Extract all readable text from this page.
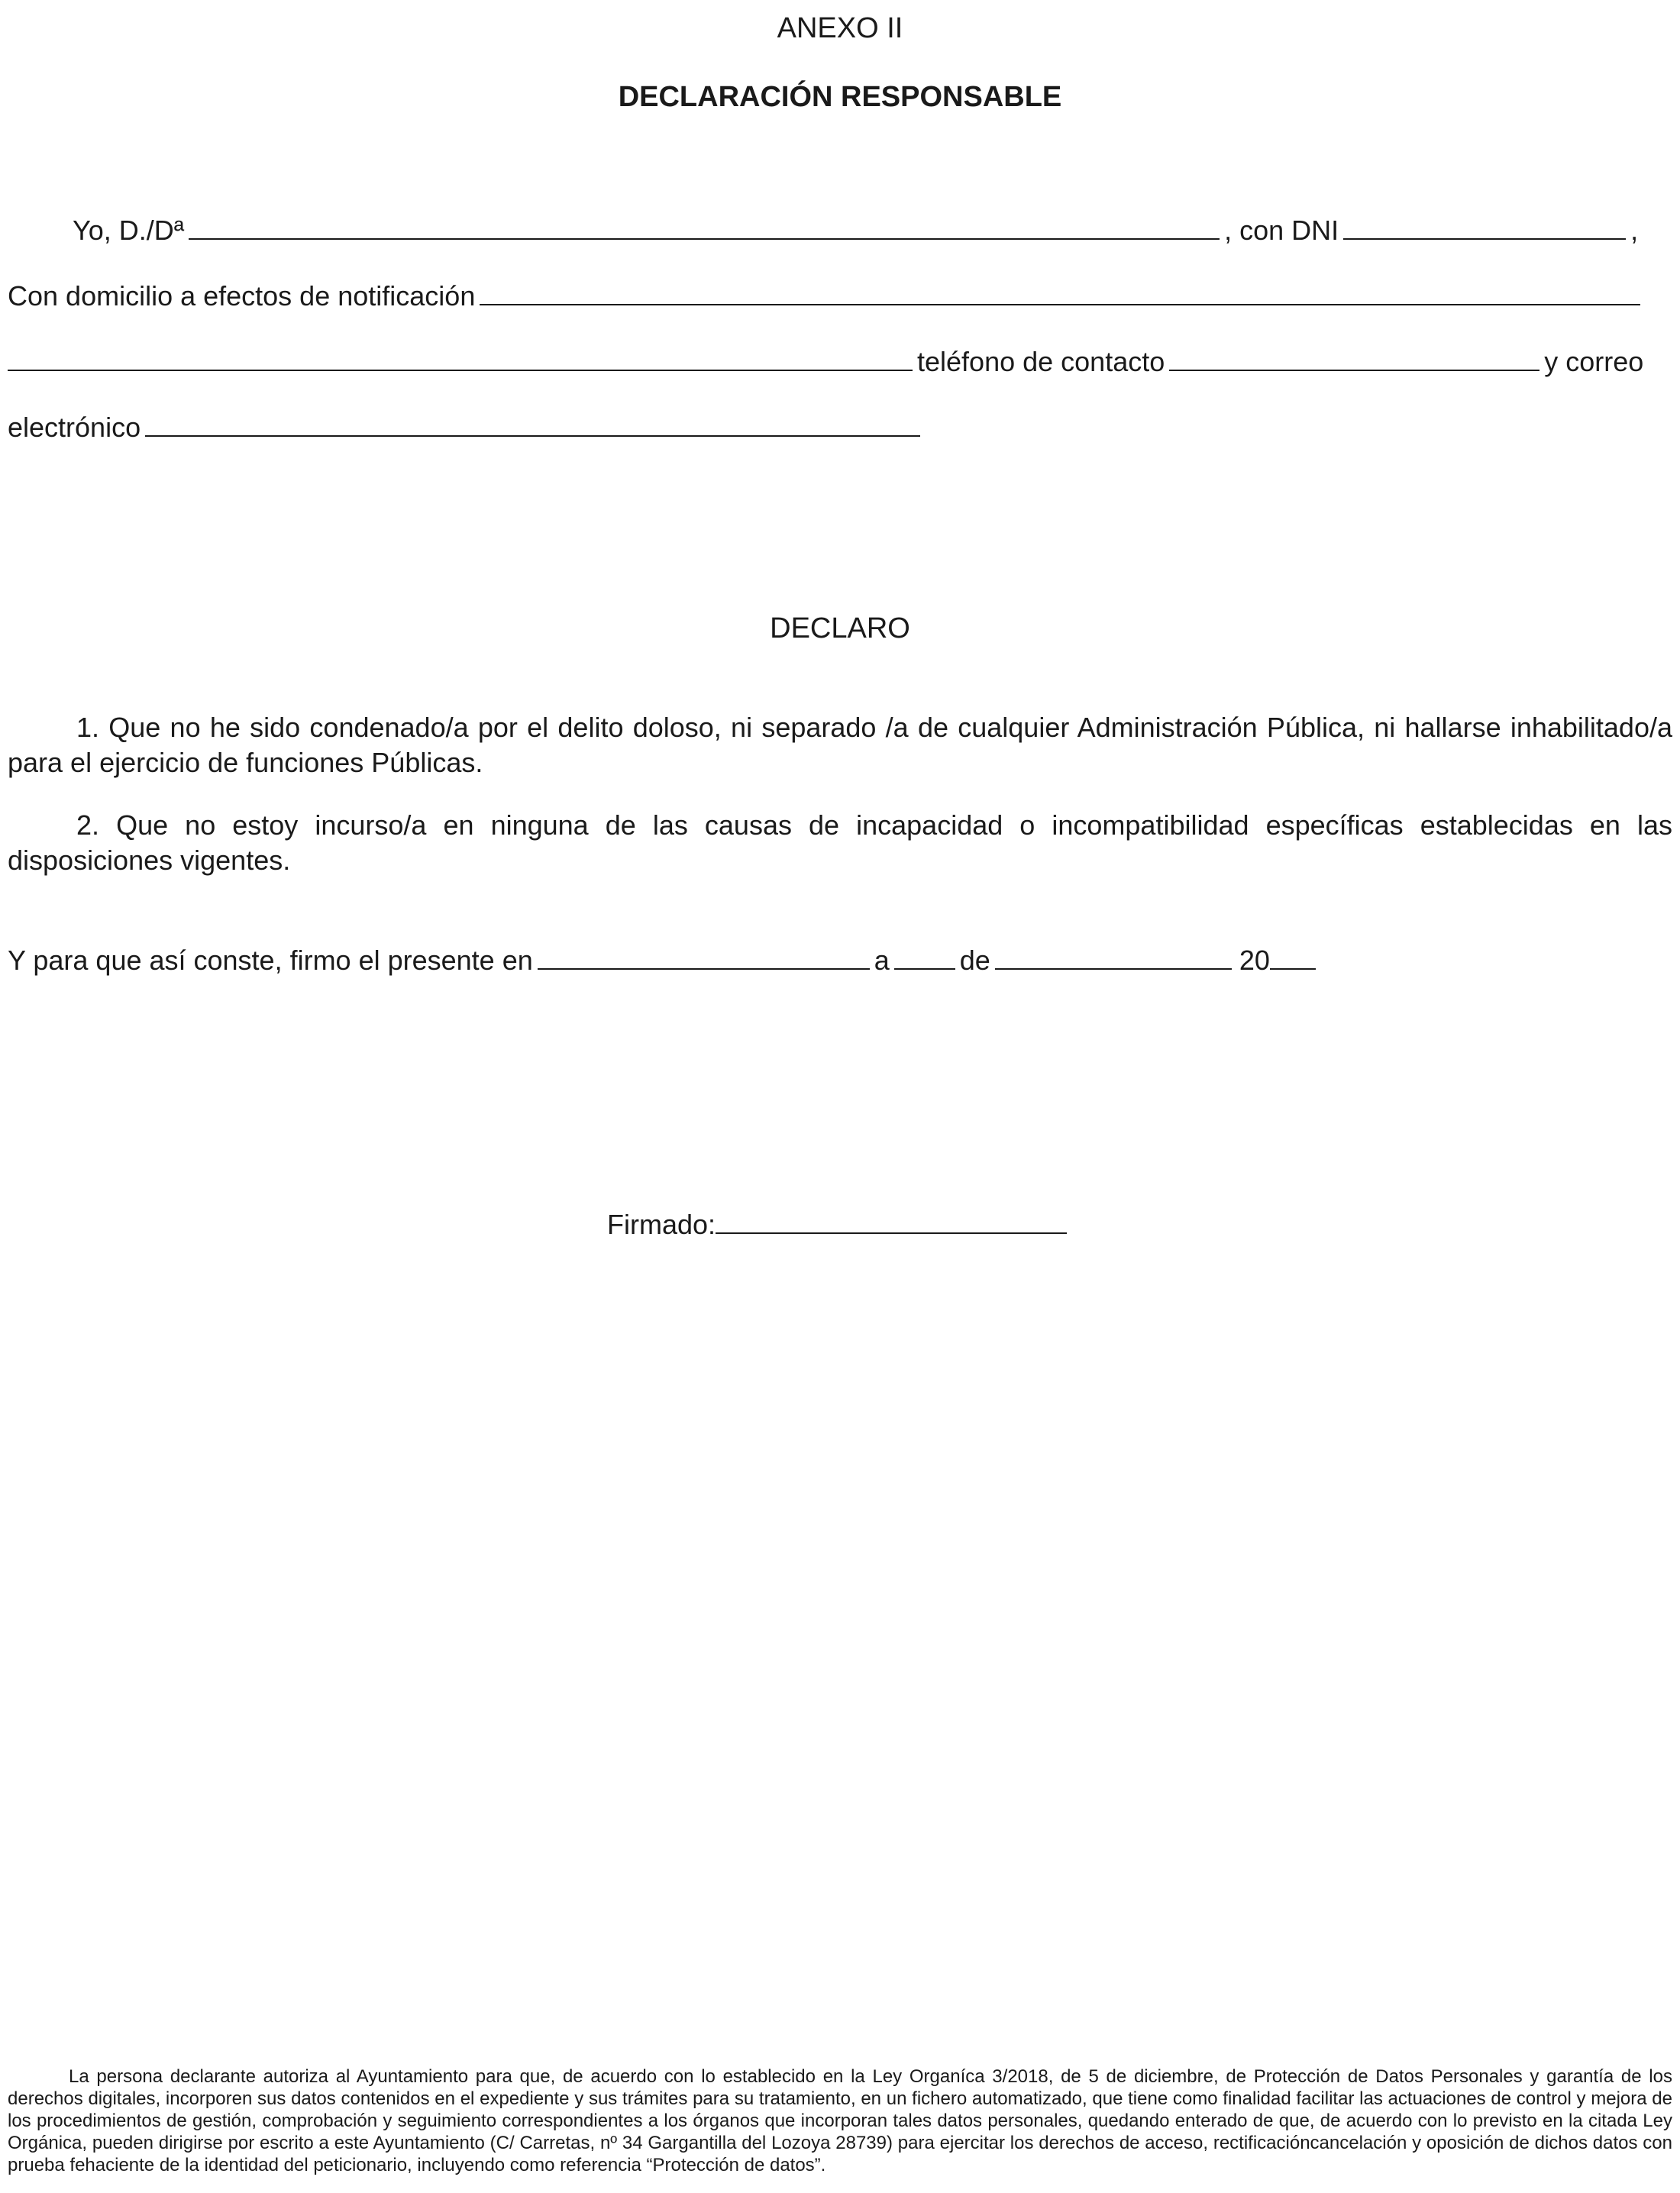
ANEXO II
DECLARACIÓN RESPONSABLE
Yo, D./Dª	, con DNI	,
Con domicilio a efectos de notificación
teléfono de contacto	y correo
electrónico
DECLARO
1. Que no he sido condenado/a por el delito doloso, ni separado /a de cualquier Administración Pública, ni hallarse inhabilitado/a para el ejercicio de funciones Públicas.
2. Que no estoy incurso/a en ninguna de las causas de incapacidad o incompatibilidad específicas establecidas en las disposiciones vigentes.
Y para que así conste, firmo el presente en	a	de	20
Firmado:
La persona declarante autoriza al Ayuntamiento para que, de acuerdo con lo establecido en la Ley Organíca 3/2018, de 5 de diciembre, de Protección de Datos Personales y garantía de los derechos digitales, incorporen sus datos contenidos en el expediente y sus trámites para su tratamiento, en un fichero automatizado, que tiene como finalidad facilitar las actuaciones de control y mejora de los procedimientos de gestión, comprobación y seguimiento correspondientes a los órganos que incorporan tales datos personales, quedando enterado de que, de acuerdo con lo previsto en la citada Ley Orgánica, pueden dirigirse por escrito a este Ayuntamiento (C/ Carretas, nº 34 Gargantilla del Lozoya 28739) para ejercitar los derechos de acceso, rectificacióncancelación y oposición de dichos datos con prueba fehaciente de la identidad del peticionario, incluyendo como referencia “Protección de datos”.
